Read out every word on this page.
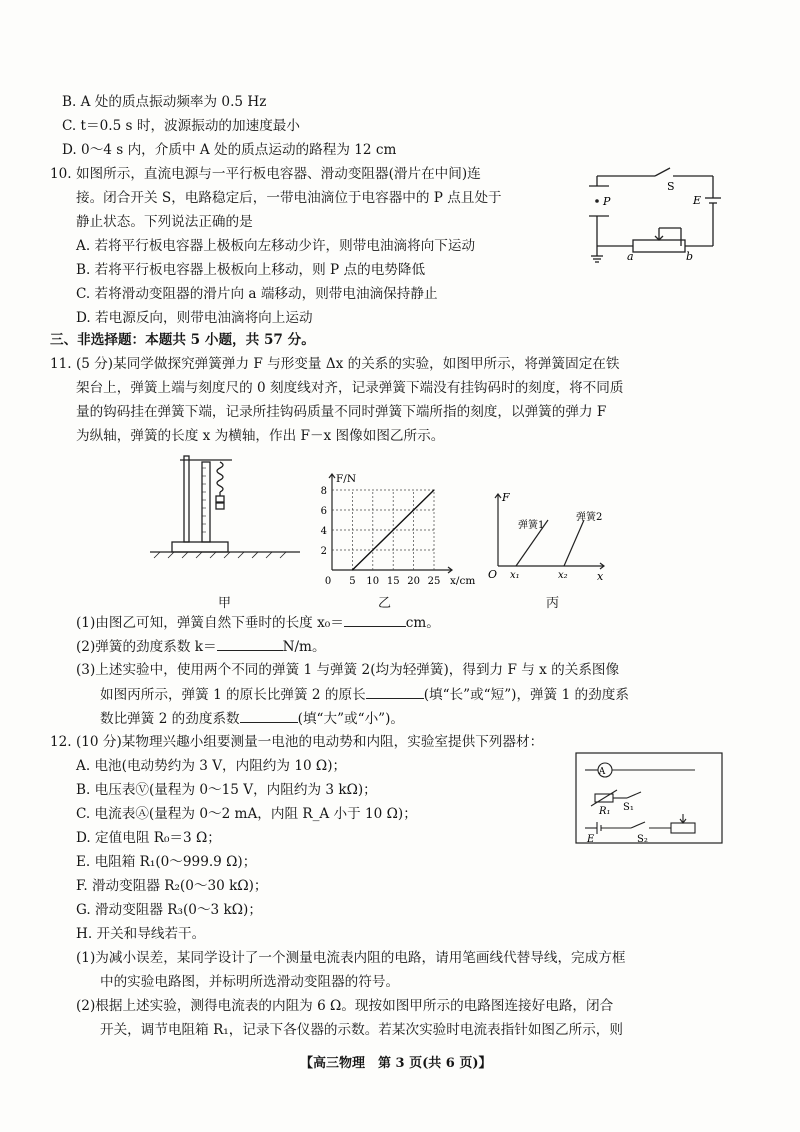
B. A 处的质点振动频率为 0.5 Hz
C. t＝0.5 s 时，波源振动的加速度最小
D. 0～4 s 内，介质中 A 处的质点运动的路程为 12 cm
10. 如图所示，直流电源与一平行板电容器、滑动变阻器(滑片在中间)连
接。闭合开关 S，电路稳定后，一带电油滴位于电容器中的 P 点且处于
静止状态。下列说法正确的是
A. 若将平行板电容器上极板向左移动少许，则带电油滴将向下运动
B. 若将平行板电容器上极板向上移动，则 P 点的电势降低
C. 若将滑动变阻器的滑片向 a 端移动，则带电油滴保持静止
D. 若电源反向，则带电油滴将向上运动
P
S
E
a	b
三、非选择题：本题共 5 小题，共 57 分。
11. (5 分)某同学做探究弹簧弹力 F 与形变量 Δx 的关系的实验，如图甲所示，将弹簧固定在铁
架台上，弹簧上端与刻度尺的 0 刻度线对齐，记录弹簧下端没有挂钩码时的刻度，将不同质
量的钩码挂在弹簧下端，记录所挂钩码质量不同时弹簧下端所指的刻度，以弹簧的弹力 F
为纵轴，弹簧的长度 x 为横轴，作出 F－x 图像如图乙所示。
甲
2
4
6
8
0 5 10 15 20 25
F/N
x/cm
乙
F
O	x
x₁	x₂
弹簧1
弹簧2
丙
(1)由图乙可知，弹簧自然下垂时的长度 x₀＝	cm。
(2)弹簧的劲度系数 k＝	N/m。
(3)上述实验中，使用两个不同的弹簧 1 与弹簧 2(均为轻弹簧)，得到力 F 与 x 的关系图像
如图丙所示，弹簧 1 的原长比弹簧 2 的原长	(填“长”或“短”)，弹簧 1 的劲度系
数比弹簧 2 的劲度系数	(填“大”或“小”)。
12. (10 分)某物理兴趣小组要测量一电池的电动势和内阻，实验室提供下列器材：
A. 电池(电动势约为 3 V，内阻约为 10 Ω)；
B. 电压表Ⓥ(量程为 0～15 V，内阻约为 3 kΩ)；
C. 电流表Ⓐ(量程为 0～2 mA，内阻 R_A 小于 10 Ω)；
D. 定值电阻 R₀＝3 Ω；
E. 电阻箱 R₁(0～999.9 Ω)；
F. 滑动变阻器 R₂(0～30 kΩ)；
G. 滑动变阻器 R₃(0～3 kΩ)；
H. 开关和导线若干。
(1)为减小误差，某同学设计了一个测量电流表内阻的电路，请用笔画线代替导线，完成方框
中的实验电路图，并标明所选滑动变阻器的符号。
(2)根据上述实验，测得电流表的内阻为 6 Ω。现按如图甲所示的电路图连接好电路，闭合
开关，调节电阻箱 R₁，记录下各仪器的示数。若某次实验时电流表指针如图乙所示，则
A
R₁ S₁
E	S₂
【高三物理　第 3 页(共 6 页)】
